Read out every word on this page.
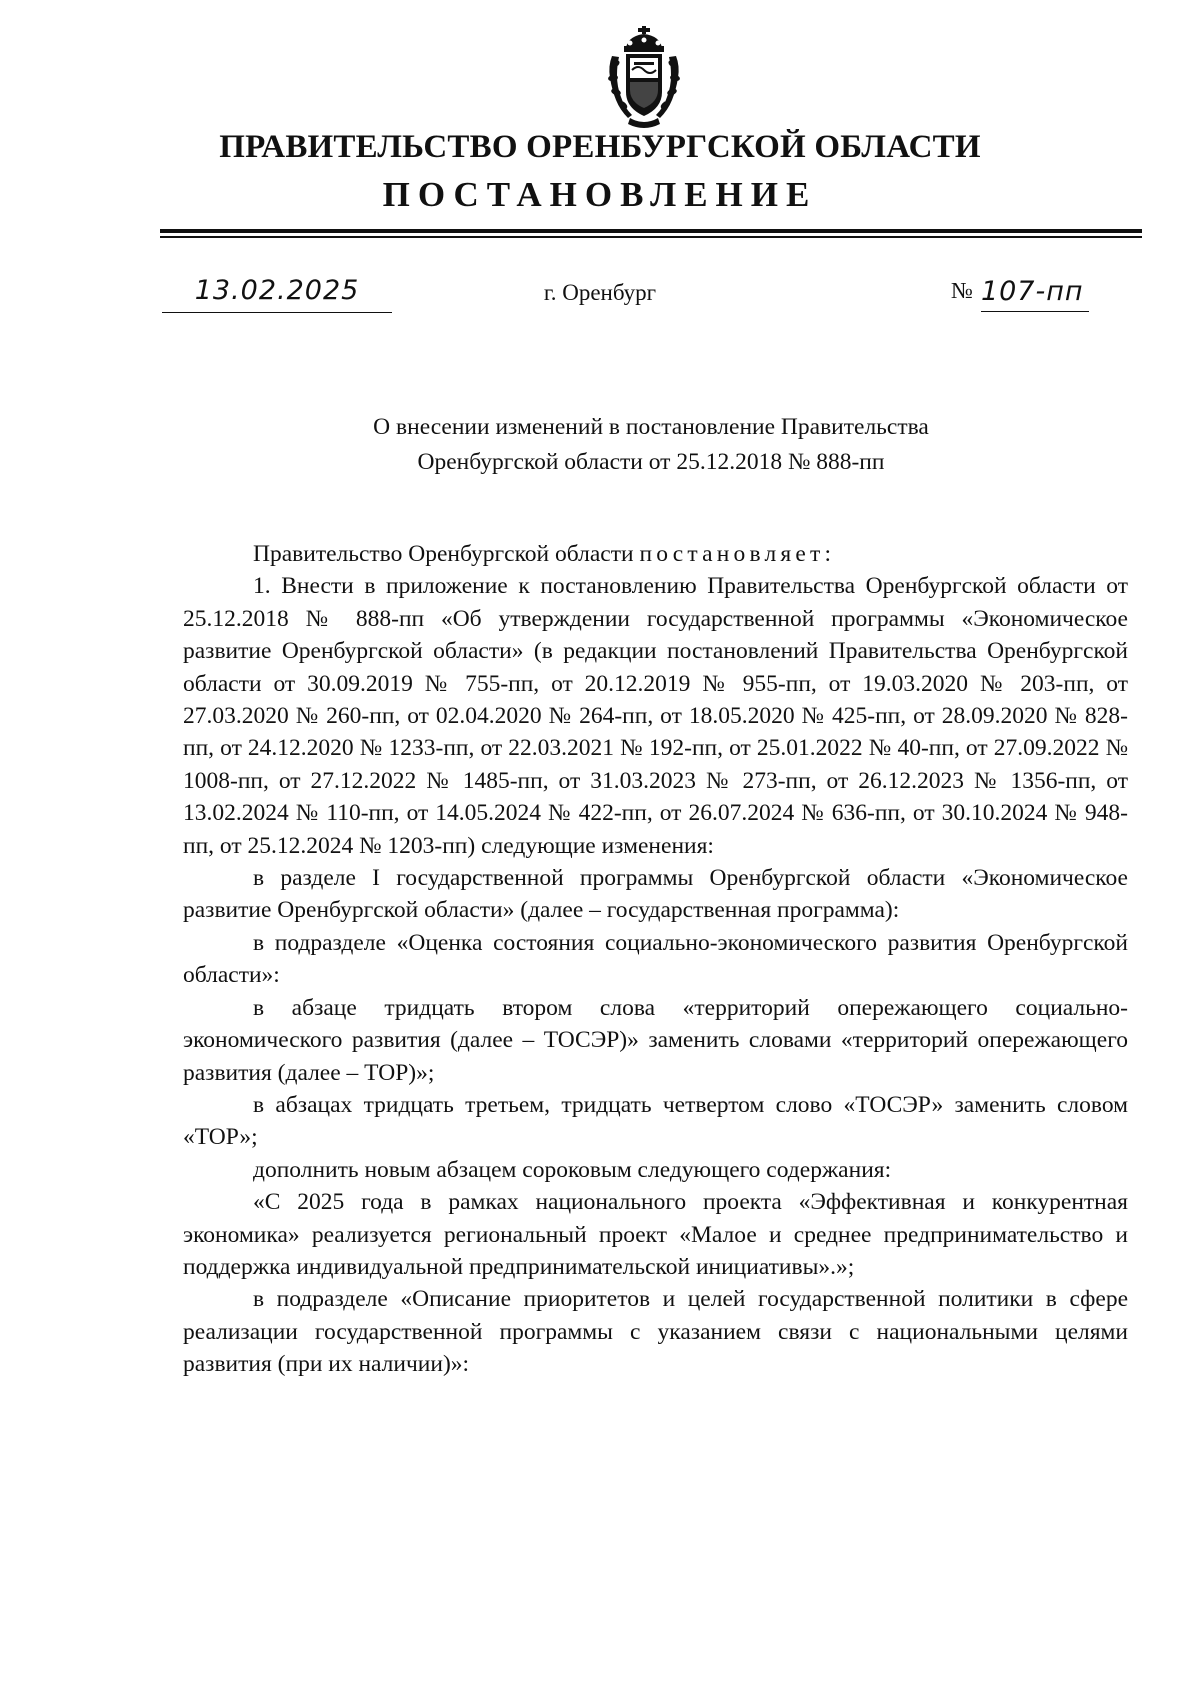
ПРАВИТЕЛЬСТВО ОРЕНБУРГСКОЙ ОБЛАСТИ
ПОСТАНОВЛЕНИЕ
13.02.2025	г. Оренбург	№ 107-пп
О внесении изменений в постановление Правительства
Оренбургской области от 25.12.2018 № 888-пп

Правительство Оренбургской области постановляет:

1. Внести в приложение к постановлению Правительства Оренбургской области от 25.12.2018 № 888-пп «Об утверждении государственной программы «Экономическое развитие Оренбургской области» (в редакции постановлений Правительства Оренбургской области от 30.09.2019 № 755-пп, от 20.12.2019 № 955-пп, от 19.03.2020 № 203-пп, от 27.03.2020 № 260-пп, от 02.04.2020 № 264-пп, от 18.05.2020 № 425-пп, от 28.09.2020 № 828-пп, от 24.12.2020 № 1233-пп, от 22.03.2021 № 192-пп, от 25.01.2022 № 40-пп, от 27.09.2022 № 1008-пп, от 27.12.2022 № 1485-пп, от 31.03.2023 № 273-пп, от 26.12.2023 № 1356-пп, от 13.02.2024 № 110-пп, от 14.05.2024 № 422-пп, от 26.07.2024 № 636-пп, от 30.10.2024 № 948-пп, от 25.12.2024 № 1203-пп) следующие изменения:

в разделе I государственной программы Оренбургской области «Экономическое развитие Оренбургской области» (далее – государственная программа):

в подразделе «Оценка состояния социально-экономического развития Оренбургской области»:

в абзаце тридцать втором слова «территорий опережающего социально-экономического развития (далее – ТОСЭР)» заменить словами «территорий опережающего развития (далее – ТОР)»;

в абзацах тридцать третьем, тридцать четвертом слово «ТОСЭР» заменить словом «ТОР»;

дополнить новым абзацем сороковым следующего содержания:

«С 2025 года в рамках национального проекта «Эффективная и конкурентная экономика» реализуется региональный проект «Малое и среднее предпринимательство и поддержка индивидуальной предпринимательской инициативы».»;

в подразделе «Описание приоритетов и целей государственной политики в сфере реализации государственной программы с указанием связи с национальными целями развития (при их наличии)»:
